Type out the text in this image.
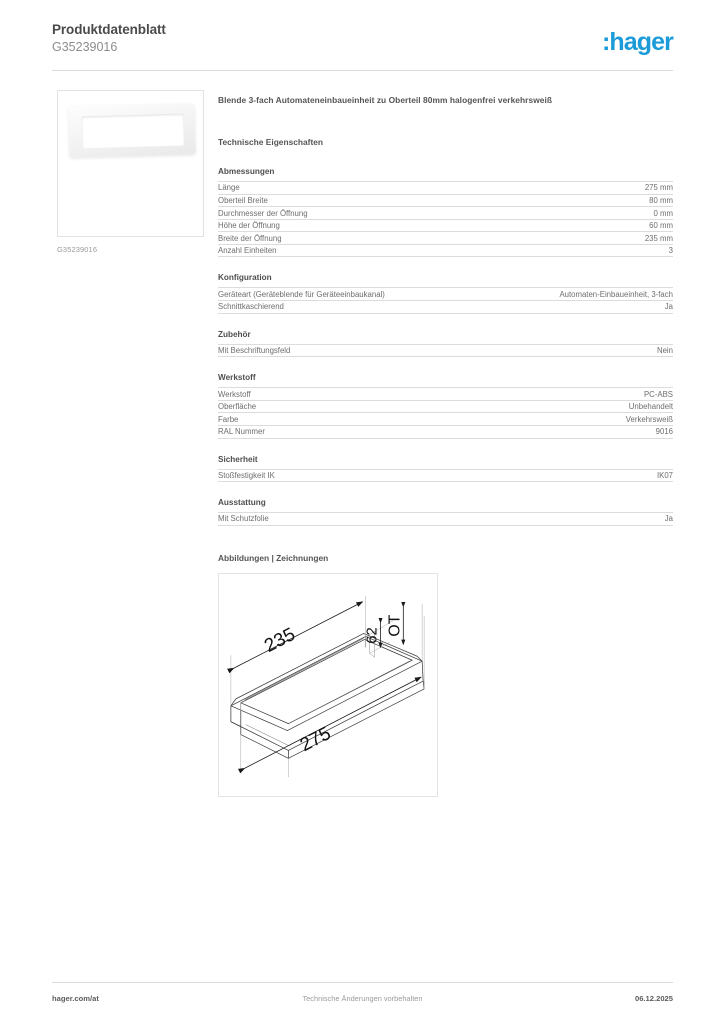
Produktdatenblatt
G35239016	:hager
G35239016
Blende 3-fach Automateneinbaueinheit zu Oberteil 80mm halogenfrei verkehrsweiß
Technische Eigenschaften
Abmessungen
Länge	275 mm
Oberteil Breite	80 mm
Durchmesser der Öffnung	0 mm
Höhe der Öffnung	60 mm
Breite der Öffnung	235 mm
Anzahl Einheiten	3
Konfiguration
Geräteart (Geräteblende für Geräteeinbaukanal)	Automaten-Einbaueinheit, 3-fach
Schnittkaschierend	Ja
Zubehör
Mit Beschriftungsfeld	Nein
Werkstoff
Werkstoff	PC-ABS
Oberfläche	Unbehandelt
Farbe	Verkehrsweiß
RAL Nummer	9016
Sicherheit
Stoßfestigkeit IK	IK07
Ausstattung
Mit Schutzfolie	Ja
Abbildungen | Zeichnungen
235
275
62 OT
hager.com/at	Technische Änderungen vorbehalten	06.12.2025
